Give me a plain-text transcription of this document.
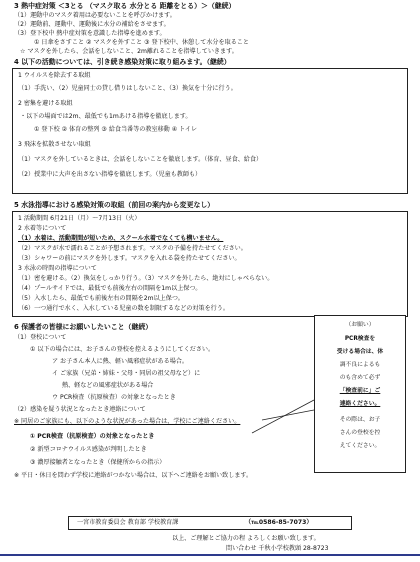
3 熱中症対策 ＜3とる （マスク取る 水分とる 距離をとる）＞（継続）
（1）運動中のマスク着用は必要ないことを呼びかけます。
（2）運動前、運動中、運動後に水分の補給をさせます。
（3）登下校中 熱中症対策を意識した指導を進めます。
① 日傘をさすこと ② マスクを外すこと ③ 登下校中、休憩して水分を取ること
☆ マスクを外したら、会話をしないこと、2m離れることを指導していきます。
4 以下の活動については、引き続き感染対策に取り組みます。（継続）
1 ウイルスを除去する取組
（1）手洗い、（2）児童同士の貸し借りはしないこと、（3）換気を十分に行う。
2 密集を避ける取組
・以下の場面では2m、最低でも1mあける指導を徹底します。
① 登下校 ② 体育の整列 ③ 給食当番等の教室移動 ④ トイレ
3 飛沫を拡散させない取組
（1）マスクを外しているときは、会話をしないことを徹底します。（体育、昼食、給食）
（2）授業中に大声を出さない指導を徹底します。（児童も教師も）
5 水泳指導における感染対策の取組（前回の案内から変更なし）
1 活動期間 6月21日（月）〜7月13日（火）
2 水着等について
（1）水着は、活動期間が短いため、スクール水着でなくても構いません。
（2）マスクが水で濡れることが予想されます。マスクの予備を持たせてください。
（3）シャワーの前にマスクを外します。マスクを入れる袋を持たせてください。
3 水泳の時間の指導について
（1）密を避ける。（2）換気をしっかり行う。（3）マスクを外したら、絶対にしゃべらない。
（4）プールサイドでは、最低でも前後左右の間隔を1m以上保つ。
（5）入水したら、最低でも前後左右の間隔を2m以上保つ。
（6）一つ通行で水く、入水している児童の数を制限するなどの対策を行う。
6 保護者の皆様にお願いしたいこと（継続）
（1）登校について
① 以下の場合には、お子さんの登校を控えるようにしてください。
ア お子さん本人に熱、軽い風邪症状がある場合。
イ ご家族（兄弟・姉妹・父母・同居の祖父母など）に
熱、軽などの風邪症状がある場合
ウ PCR検査（抗原検査）の対象となったとき
（2）感染を疑う状況となったとき連絡について
※ 同居のご家族にも、以下のような状況があった場合は、学校にご連絡ください。
① PCR検査（抗原検査）の対象となったとき
② 新型コロナウイルス感染が判明したとき
③ 濃厚接触者となったとき（保健所からの指示）
※ 平日・休日を問わず学校に連絡がつかない場合は、以下へご連絡をお願い致します。
（お願い）
PCR検査を
受ける場合は、体
調不良によるも
のも含めて必ず
「検査前に」ご
連絡ください。
その際は、お子
さんの登校を控
えてください。
一宮市教育委員会 教育部 学校教育課	（℡0586-85-7073）
以上、ご理解とご協力の程 よろしくお願い致します。
問い合わせ 千秋小学校教頭 28-8723
